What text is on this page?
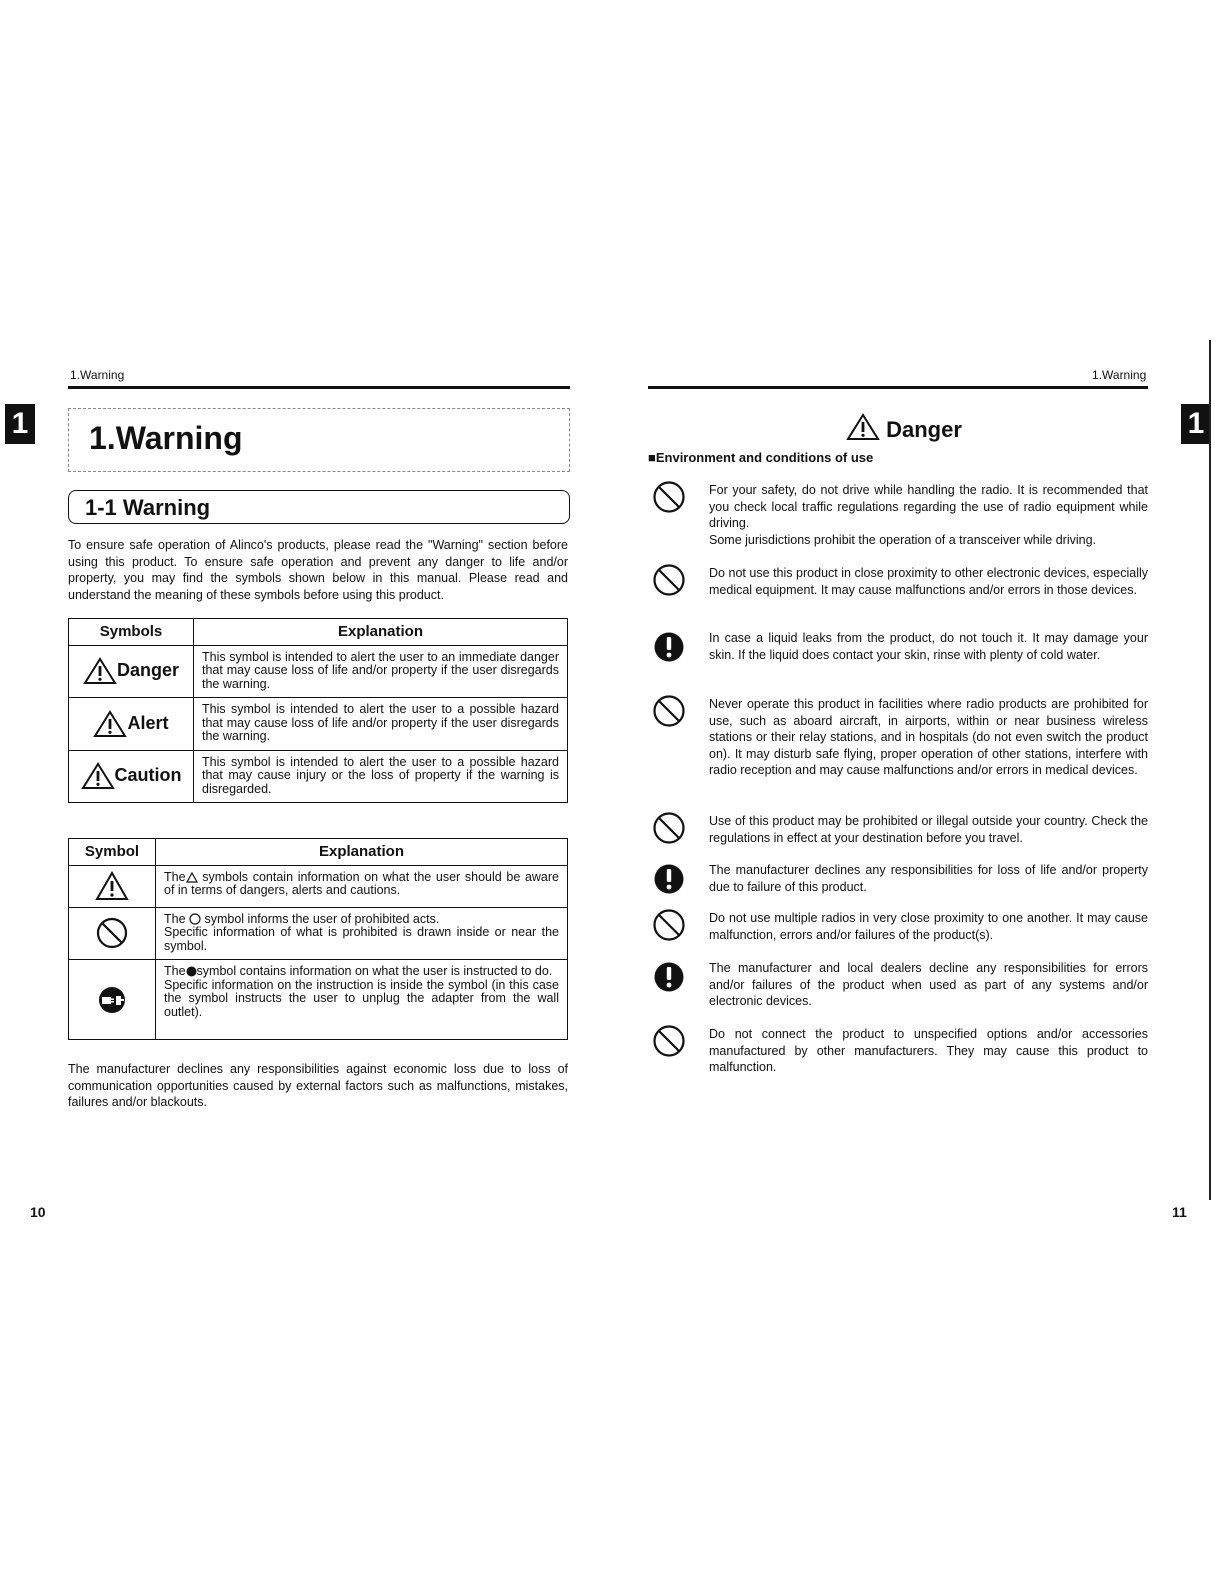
1.Warning
1 1.Warning
1-1 Warning
To ensure safe operation of Alinco's products, please read the "Warning" section before using this product. To ensure safe operation and prevent any danger to life and/or property, you may find the symbols shown below in this manual. Please read and understand the meaning of these symbols before using this product.
Symbols	Explanation
Danger	This symbol is intended to alert the user to an immediate danger that may cause loss of life and/or property if the user disregards the warning.
Alert	This symbol is intended to alert the user to a possible hazard that may cause loss of life and/or property if the user disregards the warning.
Caution	This symbol is intended to alert the user to a possible hazard that may cause injury or the loss of property if the warning is disregarded.
Symbol	Explanation
	The symbols contain information on what the user should be aware of in terms of dangers, alerts and cautions.
	The  symbol informs the user of prohibited acts.
Specific information of what is prohibited is drawn inside or near the symbol.
	The symbol contains information on what the user is instructed to do.
Specific information on the instruction is inside the symbol (in this case the symbol instructs the user to unplug the adapter from the wall outlet).
The manufacturer declines any responsibilities against economic loss due to loss of communication opportunities caused by external factors such as malfunctions, mistakes, failures and/or blackouts.
10
1.Warning
1
Danger
■Environment and conditions of use
For your safety, do not drive while handling the radio. It is recommended that you check local traffic regulations regarding the use of radio equipment while driving.
Some jurisdictions prohibit the operation of a transceiver while driving.
Do not use this product in close proximity to other electronic devices, especially medical equipment. It may cause malfunctions and/or errors in those devices.
In case a liquid leaks from the product, do not touch it. It may damage your skin. If the liquid does contact your skin, rinse with plenty of cold water.
Never operate this product in facilities where radio products are prohibited for use, such as aboard aircraft, in airports, within or near business wireless stations or their relay stations, and in hospitals (do not even switch the product on). It may disturb safe flying, proper operation of other stations, interfere with radio reception and may cause malfunctions and/or errors in medical devices.
Use of this product may be prohibited or illegal outside your country. Check the regulations in effect at your destination before you travel.
The manufacturer declines any responsibilities for loss of life and/or property due to failure of this product.
Do not use multiple radios in very close proximity to one another. It may cause malfunction, errors and/or failures of the product(s).
The manufacturer and local dealers decline any responsibilities for errors and/or failures of the product when used as part of any systems and/or electronic devices.
Do not connect the product to unspecified options and/or accessories manufactured by other manufacturers. They may cause this product to malfunction.
11
